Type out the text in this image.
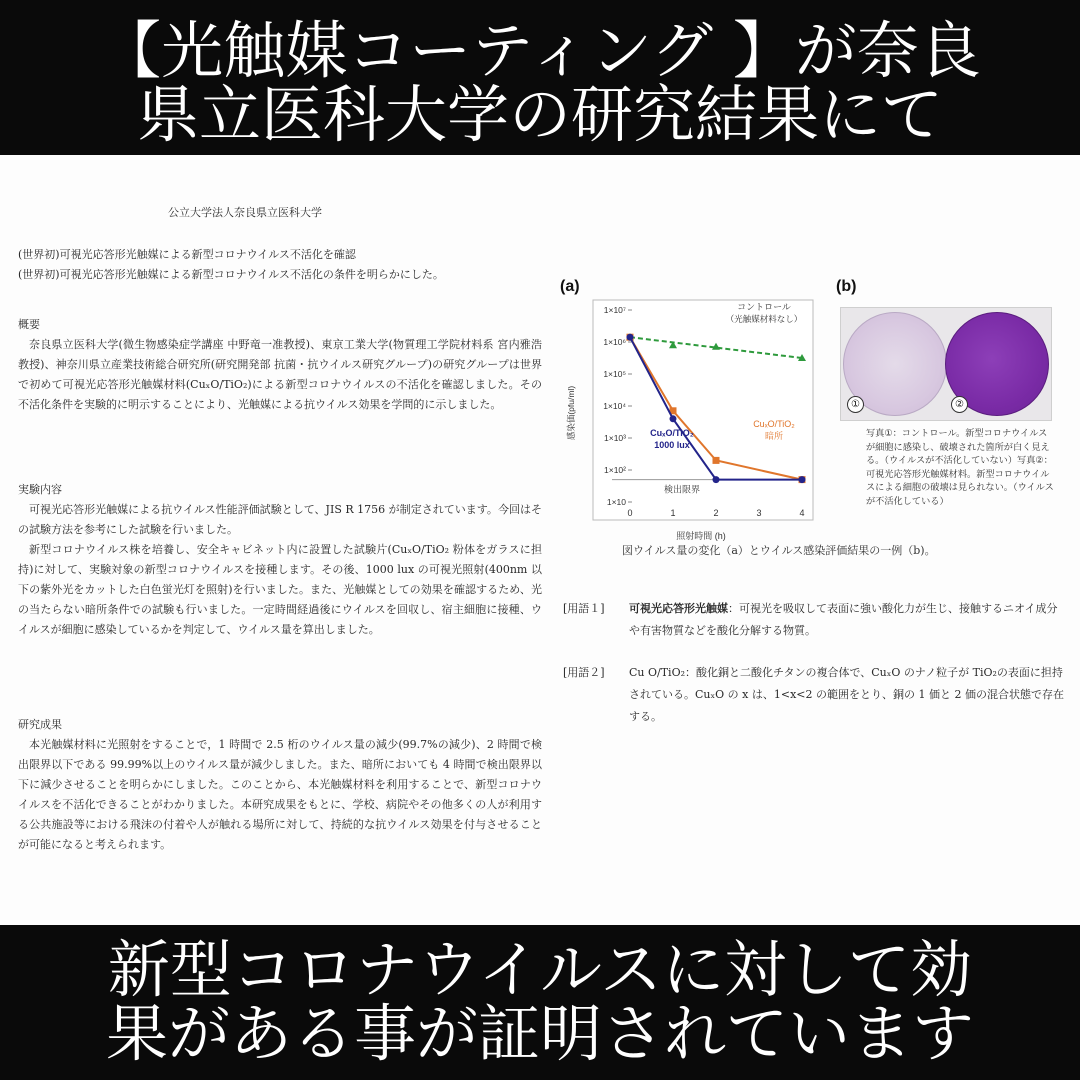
【光触媒コーティング 】が奈良
県立医科大学の研究結果にて
公立大学法人奈良県立医科大学
(世界初)可視光応答形光触媒による新型コロナウイルス不活化を確認
(世界初)可視光応答形光触媒による新型コロナウイルス不活化の条件を明らかにした。
概要

奈良県立医科大学(微生物感染症学講座 中野竜一准教授)、東京工業大学(物質理工学院材料系 宮内雅浩教授)、神奈川県立産業技術総合研究所(研究開発部 抗菌・抗ウイルス研究グループ)の研究グループは世界で初めて可視光応答形光触媒材料(CuₓO/TiO₂)による新型コロナウイルスの不活化を確認しました。その不活化条件を実験的に明示することにより、光触媒による抗ウイルス効果を学問的に示しました。

実験内容

可視光応答形光触媒による抗ウイルス性能評価試験として、JIS R 1756 が制定されています。今回はその試験方法を参考にした試験を行いました。

新型コロナウイルス株を培養し、安全キャビネット内に設置した試験片(CuₓO/TiO₂ 粉体をガラスに担持)に対して、実験対象の新型コロナウイルスを接種します。その後、1000 lux の可視光照射(400nm 以下の紫外光をカットした白色蛍光灯を照射)を行いました。また、光触媒としての効果を確認するため、光の当たらない暗所条件での試験も行いました。一定時間経過後にウイルスを回収し、宿主細胞に接種、ウイルスが細胞に感染しているかを判定して、ウイルス量を算出しました。

研究成果

本光触媒材料に光照射をすることで，1 時間で 2.5 桁のウイルス量の減少(99.7%の減少)、2 時間で検出限界以下である 99.99%以上のウイルス量が減少しました。また、暗所においても 4 時間で検出限界以下に減少させることを明らかにしました。このことから、本光触媒材料を利用することで、新型コロナウイルスを不活化できることがわかりました。本研究成果をもとに、学校、病院やその他多くの人が利用する公共施設等における飛沫の付着や人が触れる場所に対して、持続的な抗ウイルス効果を付与させることが可能になると考えられます。

(a)	(b)
1×10
1×10²
1×10³
1×10⁴
1×10⁵
1×10⁶
1×10⁷
0	1	2	3	4
検出限界
コントロール
（光触媒材料なし）
CuₓO/TiO₂
1000 lux
CuₓO/TiO₂
暗所
照射時間 (h)
感染価(pfu/ml)	①	②
写真①：コントロール。新型コロナウイルスが細胞に感染し、破壊された箇所が白く見える。（ウイルスが不活化していない）写真②：可視光応答形光触媒材料。新型コロナウイルスによる細胞の破壊は見られない。（ウイルスが不活化している）
図ウイルス量の変化（a）とウイルス感染評価結果の一例（b)。
[用語１] 可視光応答形光触媒：可視光を吸収して表面に強い酸化力が生じ、接触するニオイ成分や有害物質などを酸化分解する物質。
[用語２] Cu O/TiO₂：酸化銅と二酸化チタンの複合体で、CuₓO のナノ粒子が TiO₂の表面に担持されている。CuₓO の x は、1<x<2 の範囲をとり、銅の 1 価と 2 価の混合状態で存在する。
新型コロナウイルスに対して効
果がある事が証明されています
